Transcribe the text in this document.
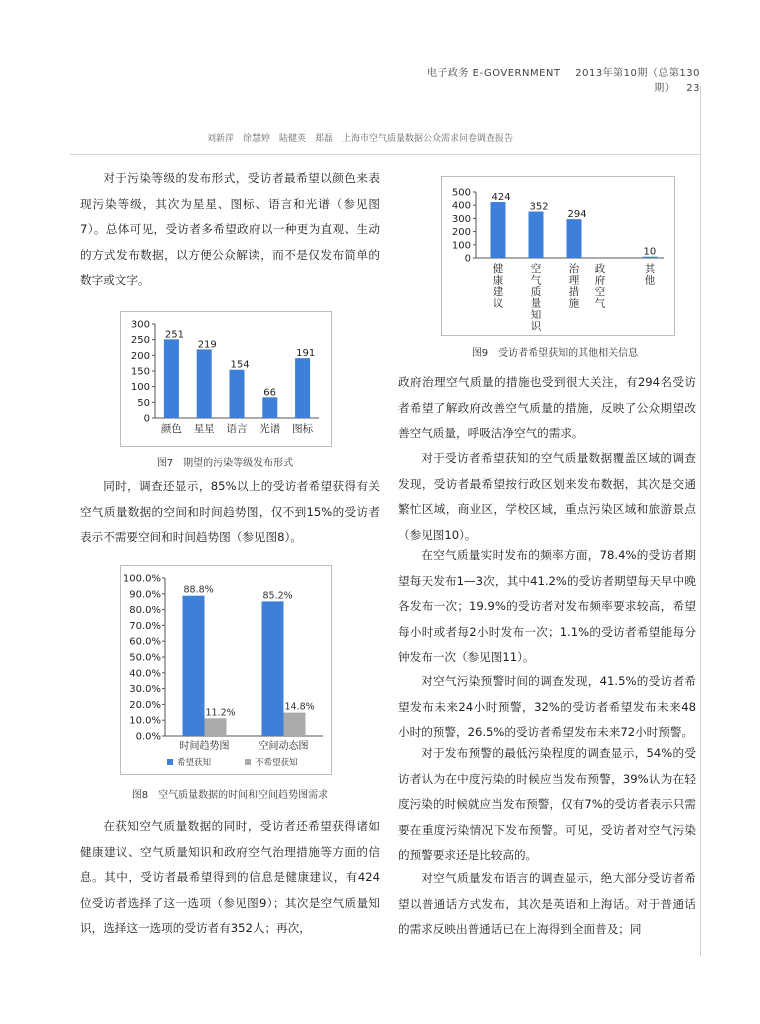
电子政务 E-GOVERNMENT 2013年第10期（总第130期） 23
刘新萍　徐慧婷　陆健英　郑磊　上海市空气质量数据公众需求问卷调查报告

对于污染等级的发布形式，受访者最希望以颜色来表现污染等级，其次为星星、图标、语言和光谱（参见图7）。总体可见，受访者多希望政府以一种更为直观、生动的方式发布数据，以方便公众解读，而不是仅发布简单的数字或文字。

同时，调查还显示，85%以上的受访者希望获得有关空气质量数据的空间和时间趋势图，仅不到15%的受访者表示不需要空间和时间趋势图（参见图8）。

在获知空气质量数据的同时，受访者还希望获得诸如健康建议、空气质量知识和政府空气治理措施等方面的信息。其中，受访者最希望得到的信息是健康建议，有424位受访者选择了这一选项（参见图9）；其次是空气质量知识，选择这一选项的受访者有352人；再次，

政府治理空气质量的措施也受到很大关注，有294名受访者希望了解政府改善空气质量的措施，反映了公众期望改善空气质量，呼吸洁净空气的需求。

对于受访者希望获知的空气质量数据覆盖区域的调查发现，受访者最希望按行政区划来发布数据，其次是交通繁忙区域，商业区，学校区域，重点污染区域和旅游景点（参见图10）。

在空气质量实时发布的频率方面，78.4%的受访者期望每天发布1—3次，其中41.2%的受访者期望每天早中晚各发布一次；19.9%的受访者对发布频率要求较高，希望每小时或者每2小时发布一次；1.1%的受访者希望能每分钟发布一次（参见图11）。

对空气污染预警时间的调查发现，41.5%的受访者希望发布未来24小时预警，32%的受访者希望发布未来48小时的预警，26.5%的受访者希望发布未来72小时预警。

对于发布预警的最低污染程度的调查显示，54%的受访者认为在中度污染的时候应当发布预警，39%认为在轻度污染的时候就应当发布预警，仅有7%的受访者表示只需要在重度污染情况下发布预警。可见，受访者对空气污染的预警要求还是比较高的。

对空气质量发布语言的调查显示，绝大部分受访者希望以普通话方式发布，其次是英语和上海话。对于普通话的需求反映出普通话已在上海得到全面普及；同

0
50
100
150
200
250
300
251
颜色
219
星星
154
语言
66
光谱
191
图标
图7　期望的污染等级发布形式
0.0%
10.0%
20.0%
30.0%
40.0%
50.0%
60.0%
70.0%
80.0%
90.0%
100.0%
88.8%
11.2%
时间趋势图
85.2%
14.8%
空间动态图
希望获知	不希望获知
图8　空气质量数据的时间和空间趋势图需求
0
100
200
300
400
500 424
健康建议
352
空气质量知识
294
治理措施
政府空气
10
其他
图9　受访者希望获知的其他相关信息
